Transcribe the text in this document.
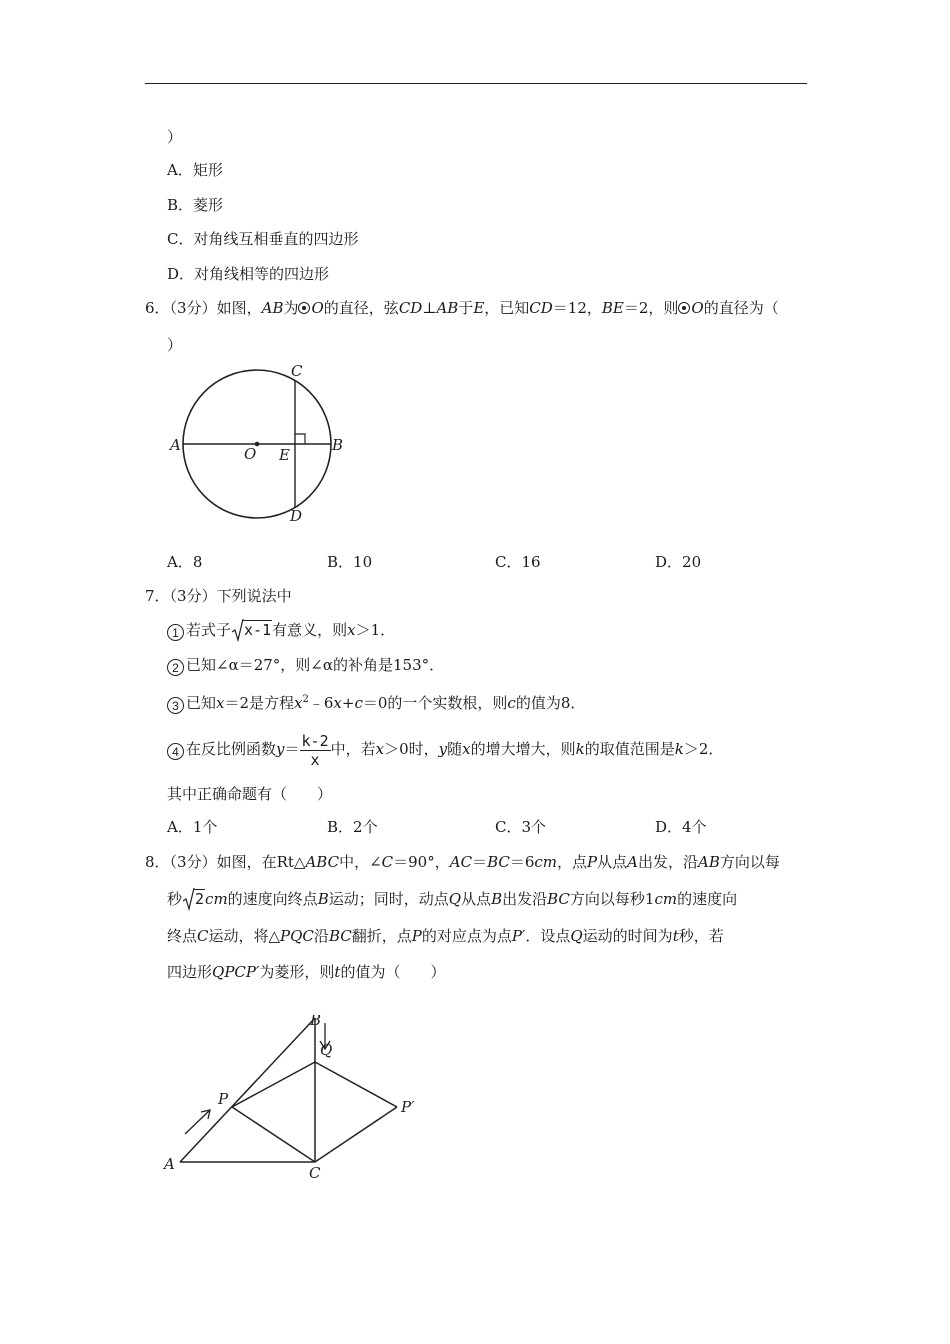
）
A．矩形
B．菱形
C．对角线互相垂直的四边形
D．对角线相等的四边形
6．（3分）如图，AB为 O的直径，弦CD⊥AB于E，已知CD＝12，BE＝2，则 O的直径为（
）
A	B
C
D
O E
A．8	B．10	C．16	D．20
7．（3分）下列说法中
1 若式子 x-1有意义，则x＞1．
2 已知∠α＝27°，则∠α的补角是153°．
3 已知x＝2是方程$x^2﹣6x+c=0$的一个实数根，则c的值为8．
4 在反比例函数$y= \frac{k-2}{x}$ 中，若x＞0时，y随x的增大增大，则k的取值范围是k＞2．
其中正确命题有（　　）
A．1个	B．2个	C．3个	D．4个
8．（3分）如图，在Rt△ABC中，∠C＝90°，AC＝BC＝6cm，点P从点A出发，沿AB方向以每
秒 2cm的速度向终点B运动；同时，动点Q从点B出发沿BC方向以每秒1cm的速度向
终点C运动，将△PQC沿BC翻折，点P的对应点为点P′．设点Q运动的时间为t秒，若
四边形QPCP′为菱形，则t的值为（　　）
A
B
C
P
Q
P′
